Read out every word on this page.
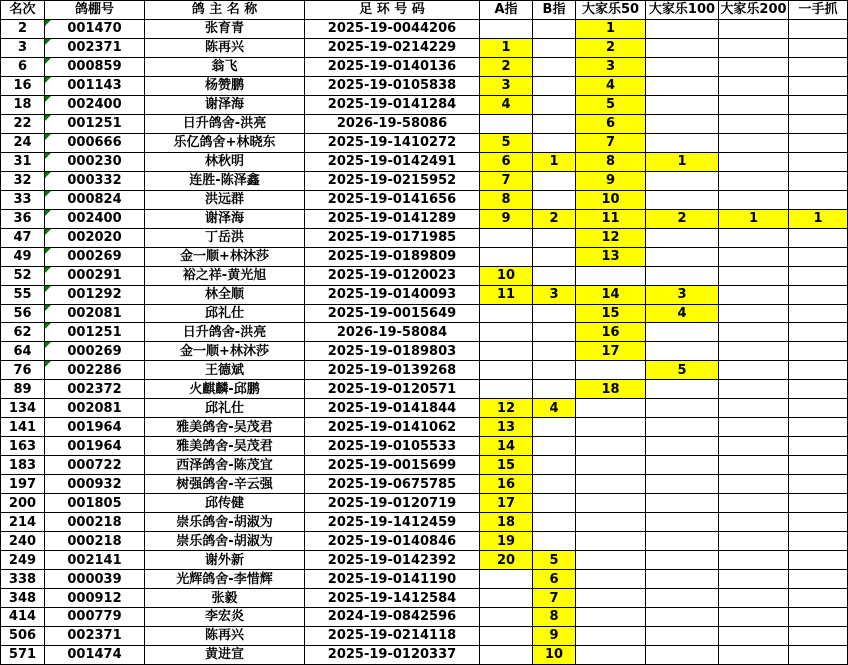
名次	鸽棚号	鸽 主 名 称	足 环 号 码	A指	B指	大家乐50	大家乐100	大家乐200	一手抓
2	001470	张育青	2025-19-0044206			1			
3	002371	陈再兴	2025-19-0214229	1		2			
6	000859	翁飞	2025-19-0140136	2		3			
16	001143	杨赞鹏	2025-19-0105838	3		4			
18	002400	谢泽海	2025-19-0141284	4		5			
22	001251	日升鸽舍-洪亮	2026-19-58086			6			
24	000666	乐亿鸽舍+林晓东	2025-19-1410272	5		7			
31	000230	林秋明	2025-19-0142491	6	1	8	1		
32	000332	连胜-陈泽鑫	2025-19-0215952	7		9			
33	000824	洪远群	2025-19-0141656	8		10			
36	002400	谢泽海	2025-19-0141289	9	2	11	2	1	1
47	002020	丁岳洪	2025-19-0171985			12			
49	000269	金一顺+林沐莎	2025-19-0189809			13			
52	000291	裕之祥-黄光旭	2025-19-0120023	10					
55	001292	林全顺	2025-19-0140093	11	3	14	3		
56	002081	邱礼仕	2025-19-0015649			15	4		
62	001251	日升鸽舍-洪亮	2026-19-58084			16			
64	000269	金一顺+林沐莎	2025-19-0189803			17			
76	002286	王德斌	2025-19-0139268				5		
89	002372	火麒麟-邱鹏	2025-19-0120571			18			
134	002081	邱礼仕	2025-19-0141844	12	4				
141	001964	雅美鸽舍-吴茂君	2025-19-0141062	13					
163	001964	雅美鸽舍-吴茂君	2025-19-0105533	14					
183	000722	西泽鸽舍-陈茂宜	2025-19-0015699	15					
197	000932	树强鸽舍-辛云强	2025-19-0675785	16					
200	001805	邱传健	2025-19-0120719	17					
214	000218	崇乐鸽舍-胡淑为	2025-19-1412459	18					
240	000218	崇乐鸽舍-胡淑为	2025-19-0140846	19					
249	002141	谢外新	2025-19-0142392	20	5				
338	000039	光辉鸽舍-李惜辉	2025-19-0141190		6				
348	000912	张毅	2025-19-1412584		7				
414	000779	李宏炎	2024-19-0842596		8				
506	002371	陈再兴	2025-19-0214118		9				
571	001474	黄进宣	2025-19-0120337		10				
